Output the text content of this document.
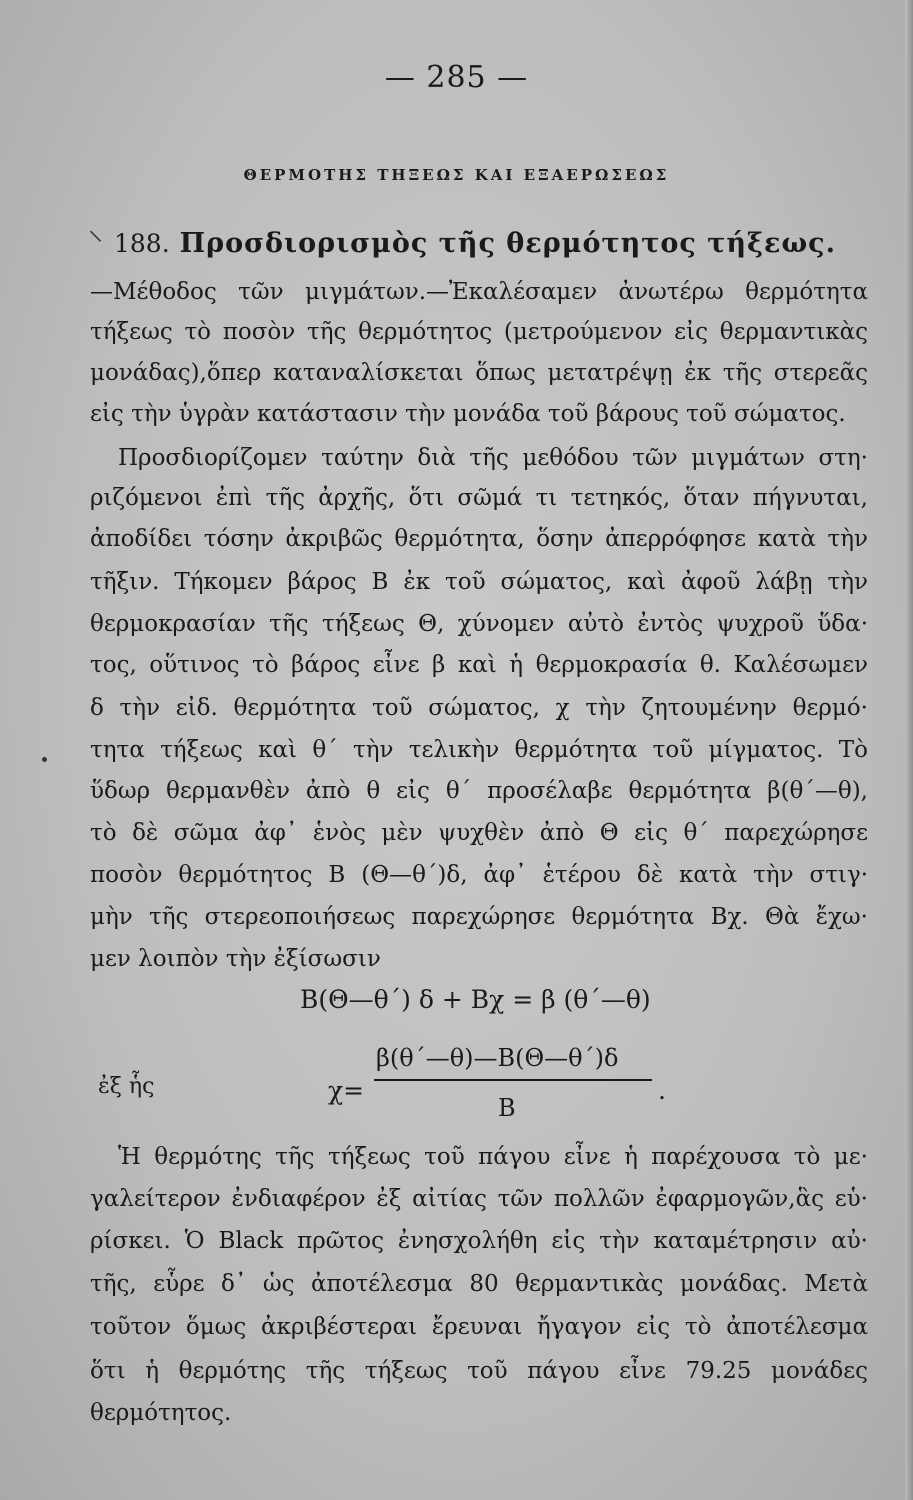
— 285 —
ΘΕΡΜΟΤΗΣ ΤΗΞΕΩΣ ΚΑΙ ΕΞΑΕΡΩΣΕΩΣ
⸌ 188. Προσδιορισμὸς τῆς θερμότητος τήξεως.
—Μέθοδος τῶν μιγμάτων.—Ἐκαλέσαμεν ἀνωτέρω θερμότητα
τήξεως τὸ ποσὸν τῆς θερμότητος (μετρούμενον εἰς θερμαντικὰς
μονάδας),ὅπερ καταναλίσκεται ὅπως μετατρέψῃ ἐκ τῆς στερεᾶς
εἰς τὴν ὑγρὰν κατάστασιν τὴν μονάδα τοῦ βάρους τοῦ σώματος.
Προσδιορίζομεν ταύτην διὰ τῆς μεθόδου τῶν μιγμάτων στη·
ριζόμενοι ἐπὶ τῆς ἀρχῆς, ὅτι σῶμά τι τετηκός, ὅταν πήγνυται,
ἀποδίδει τόσην ἀκριβῶς θερμότητα, ὅσην ἀπερρόφησε κατὰ τὴν
τῆξιν. Τήκομεν βάρος Β ἐκ τοῦ σώματος, καὶ ἀφοῦ λάβῃ τὴν
θερμοκρασίαν τῆς τήξεως Θ, χύνομεν αὐτὸ ἐντὸς ψυχροῦ ὕδα·
τος, οὕτινος τὸ βάρος εἶνε β καὶ ἡ θερμοκρασία θ. Καλέσωμεν
δ τὴν εἰδ. θερμότητα τοῦ σώματος, χ τὴν ζητουμένην θερμό·
τητα τήξεως καὶ θ΄ τὴν τελικὴν θερμότητα τοῦ μίγματος. Τὸ
ὕδωρ θερμανθὲν ἀπὸ θ εἰς θ΄ προσέλαβε θερμότητα β(θ΄—θ),
τὸ δὲ σῶμα ἀφ᾽ ἑνὸς μὲν ψυχθὲν ἀπὸ Θ εἰς θ΄ παρεχώρησε
ποσὸν θερμότητος Β (Θ—θ΄)δ, ἀφ᾽ ἑτέρου δὲ κατὰ τὴν στιγ·
μὴν τῆς στερεοποιήσεως παρεχώρησε θερμότητα Βχ. Θὰ ἔχω·
μεν λοιπὸν τὴν ἐξίσωσιν
Β(Θ—θ΄) δ + Βχ = β (θ΄—θ)
ἐξ ἧς	χ=
β(θ΄—θ)—Β(Θ—θ΄)δ
Β
.
Ἡ θερμότης τῆς τήξεως τοῦ πάγου εἶνε ἡ παρέχουσα τὸ με·
γαλείτερον ἐνδιαφέρον ἐξ αἰτίας τῶν πολλῶν ἐφαρμογῶν,ἃς εὑ·
ρίσκει. Ὁ Black πρῶτος ἐνησχολήθη εἰς τὴν καταμέτρησιν αὐ·
τῆς, εὗρε δ᾽ ὡς ἀποτέλεσμα 80 θερμαντικὰς μονάδας. Μετὰ
τοῦτον ὅμως ἀκριβέστεραι ἔρευναι ἤγαγον εἰς τὸ ἀποτέλεσμα
ὅτι ἡ θερμότης τῆς τήξεως τοῦ πάγου εἶνε 79.25 μονάδες
θερμότητος.
